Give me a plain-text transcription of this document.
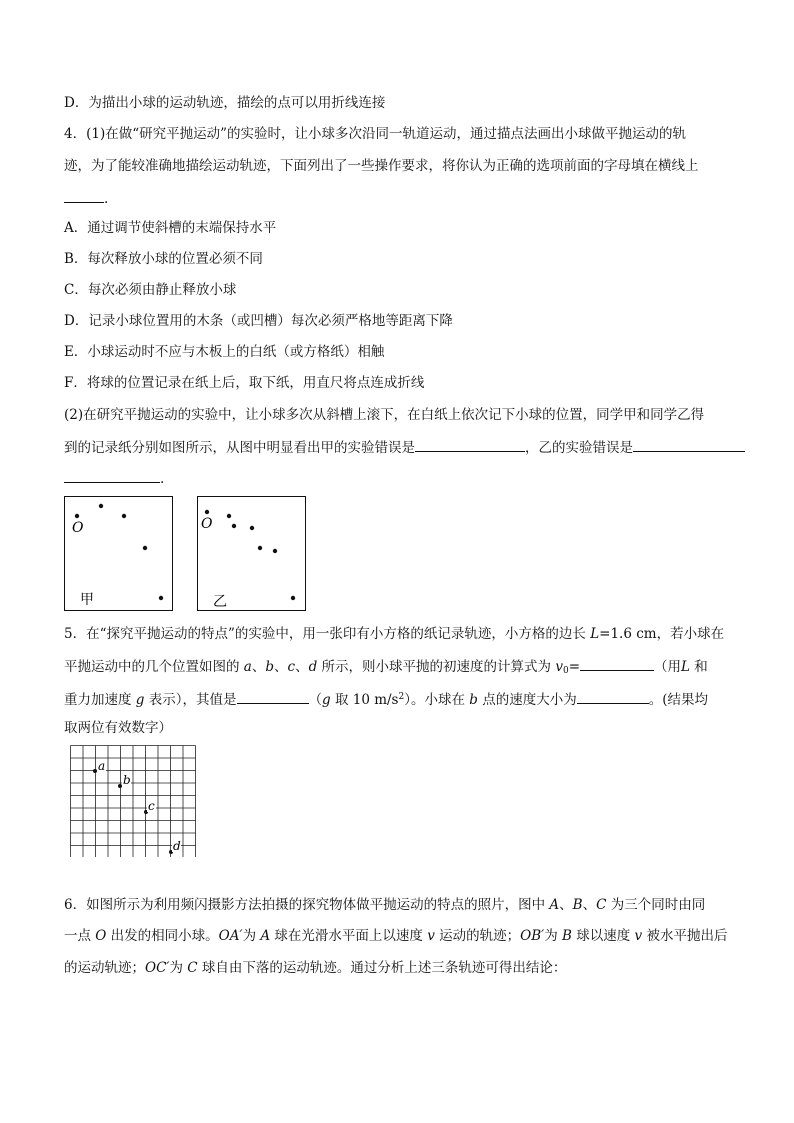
D．为描出小球的运动轨迹，描绘的点可以用折线连接
4．(1)在做“研究平抛运动”的实验时，让小球多次沿同一轨道运动，通过描点法画出小球做平抛运动的轨
迹，为了能较准确地描绘运动轨迹，下面列出了一些操作要求，将你认为正确的选项前面的字母填在横线上
.
A．通过调节使斜槽的末端保持水平
B．每次释放小球的位置必须不同
C．每次必须由静止释放小球
D．记录小球位置用的木条（或凹槽）每次必须严格地等距离下降
E．小球运动时不应与木板上的白纸（或方格纸）相触
F．将球的位置记录在纸上后，取下纸，用直尺将点连成折线
(2)在研究平抛运动的实验中，让小球多次从斜槽上滚下，在白纸上依次记下小球的位置，同学甲和同学乙得
到的记录纸分别如图所示，从图中明显看出甲的实验错误是	，乙的实验错误是
.
O
甲
O
乙
5．在“探究平抛运动的特点”的实验中，用一张印有小方格的纸记录轨迹，小方格的边长 L=1.6 cm，若小球在
平抛运动中的几个位置如图的 a、b、c、d 所示，则小球平抛的初速度的计算式为 $v_0=$	（用L 和
重力加速度 g 表示），其值是	（g 取 10 $m/s^2$）。小球在 b 点的速度大小为	。(结果均
取两位有效数字）
a
b
c
d
6．如图所示为利用频闪摄影方法拍摄的探究物体做平抛运动的特点的照片，图中 A、B、C 为三个同时由同
一点 O 出发的相同小球。OA′为 A 球在光滑水平面上以速度 v 运动的轨迹；OB′为 B 球以速度 v 被水平抛出后
的运动轨迹；OC′为 C 球自由下落的运动轨迹。通过分析上述三条轨迹可得出结论：
